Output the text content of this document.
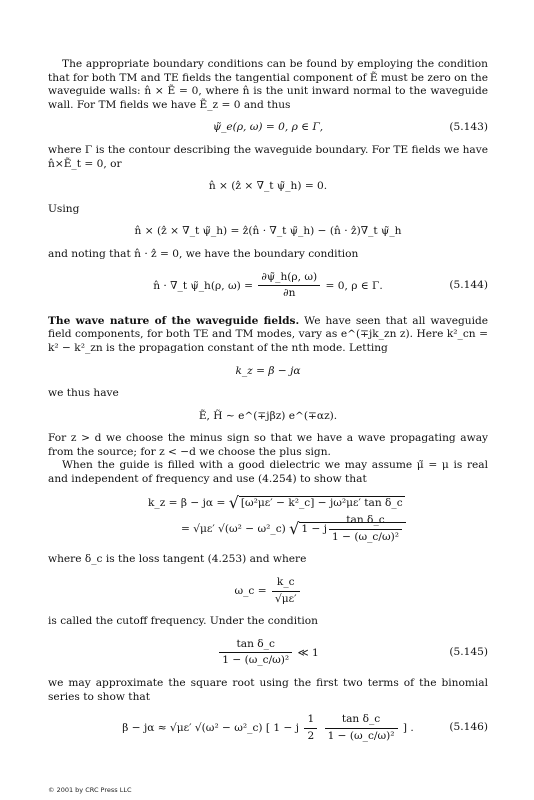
The appropriate boundary conditions can be found by employing the condition that for both TM and TE fields the tangential component of Ẽ must be zero on the waveguide walls: n̂ × Ẽ = 0, where n̂ is the unit inward normal to the waveguide wall. For TM fields we have Ẽ_z = 0 and thus

ψ̃_e(ρ, ω) = 0, ρ ∈ Γ,	(5.143)

where Γ is the contour describing the waveguide boundary. For TE fields we have n̂×Ẽ_t = 0, or

n̂ × (ẑ × ∇_t ψ̃_h) = 0.

Using

n̂ × (ẑ × ∇_t ψ̃_h) = ẑ(n̂ · ∇_t ψ̃_h) − (n̂ · ẑ)∇_t ψ̃_h

and noting that n̂ · ẑ = 0, we have the boundary condition

n̂ · ∇_t ψ̃_h(ρ, $\omega) = \frac{\partial\psĩ\_h(\rho, \omega)}{\partial n} = 0$, ρ ∈ Γ.	(5.144)

The wave nature of the waveguide fields. We have seen that all waveguide field components, for both TE and TM modes, vary as e^(∓jk_zn z). Here k²_cn = k² − k²_zn is the propagation constant of the nth mode. Letting

k_z = β − jα

we thus have

Ẽ, H̃ ∼ e^(∓jβz) e^(∓αz).

For z > d we choose the minus sign so that we have a wave propagating away from the source; for z < −d we choose the plus sign.

When the guide is filled with a good dielectric we may assume μ̃ = μ is real and independent of frequency and use (4.254) to show that

k_z = β − jα = √ [ω²με′ − k²_c] − jω²με′ tan δ_c
= √με′ √(ω² − ω²_c) √ 1 − j $\frac{\text{tan δ\_c}}{\text{1 − (ω\_c/ω)²}}$

where δ_c is the loss tangent (4.253) and where

ω_c = $\frac{k\_c}{√\mu\varepsilon'}$

is called the cutoff frequency. Under the condition

$\frac{\text{tan δ\_c}}{\text{1 − (ω\_c/ω)²}}$ ≪ 1	(5.145)

we may approximate the square root using the first two terms of the binomial series to show that

β − jα ≈ √με′ √(ω² − ω²_c) [ 1 − j $\frac{1}{2}$
$\frac{\text{tan δ\_c}}{\text{1 − (ω\_c/ω)²}}$ ] .	(5.146)
© 2001 by CRC Press LLC
